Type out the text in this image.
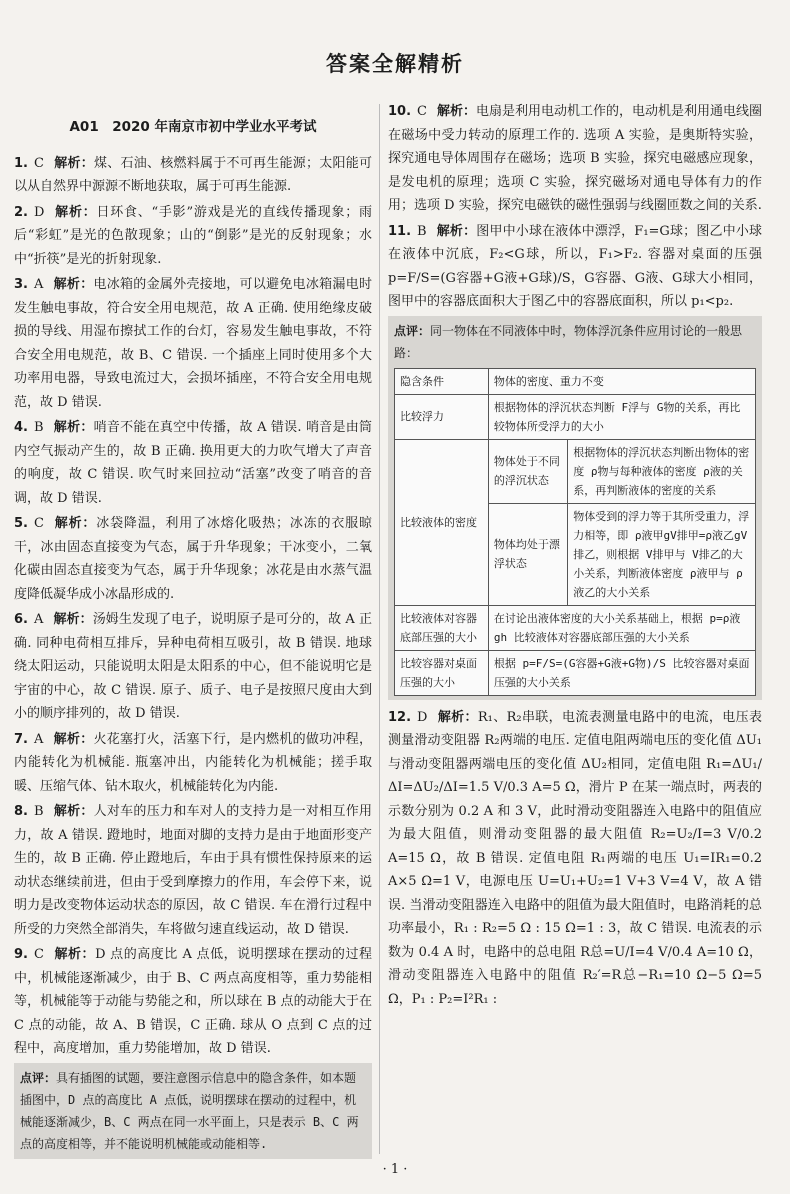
答案全解精析
A01　2020 年南京市初中学业水平考试
1. C 解析：煤、石油、核燃料属于不可再生能源；太阳能可以从自然界中源源不断地获取，属于可再生能源.
2. D 解析：日环食、“手影”游戏是光的直线传播现象；雨后“彩虹”是光的色散现象；山的“倒影”是光的反射现象；水中“折筷”是光的折射现象.
3. A 解析：电冰箱的金属外壳接地，可以避免电冰箱漏电时发生触电事故，符合安全用电规范，故 A 正确. 使用绝缘皮破损的导线、用湿布擦拭工作的台灯，容易发生触电事故，不符合安全用电规范，故 B、C 错误. 一个插座上同时使用多个大功率用电器，导致电流过大，会损坏插座，不符合安全用电规范，故 D 错误.
4. B 解析：哨音不能在真空中传播，故 A 错误. 哨音是由筒内空气振动产生的，故 B 正确. 换用更大的力吹气增大了声音的响度，故 C 错误. 吹气时来回拉动“活塞”改变了哨音的音调，故 D 错误.
5. C 解析：冰袋降温，利用了冰熔化吸热；冰冻的衣服晾干，冰由固态直接变为气态，属于升华现象；干冰变小，二氧化碳由固态直接变为气态，属于升华现象；冰花是由水蒸气温度降低凝华成小冰晶形成的.
6. A 解析：汤姆生发现了电子，说明原子是可分的，故 A 正确. 同种电荷相互排斥，异种电荷相互吸引，故 B 错误. 地球绕太阳运动，只能说明太阳是太阳系的中心，但不能说明它是宇宙的中心，故 C 错误. 原子、质子、电子是按照尺度由大到小的顺序排列的，故 D 错误.
7. A 解析：火花塞打火，活塞下行，是内燃机的做功冲程，内能转化为机械能. 瓶塞冲出，内能转化为机械能；搓手取暖、压缩气体、钻木取火，机械能转化为内能.
8. B 解析：人对车的压力和车对人的支持力是一对相互作用力，故 A 错误. 蹬地时，地面对脚的支持力是由于地面形变产生的，故 B 正确. 停止蹬地后，车由于具有惯性保持原来的运动状态继续前进，但由于受到摩擦力的作用，车会停下来，说明力是改变物体运动状态的原因，故 C 错误. 车在滑行过程中所受的力突然全部消失，车将做匀速直线运动，故 D 错误.
9. C 解析：D 点的高度比 A 点低，说明摆球在摆动的过程中，机械能逐渐减少，由于 B、C 两点高度相等，重力势能相等，机械能等于动能与势能之和，所以球在 B 点的动能大于在 C 点的动能，故 A、B 错误，C 正确. 球从 O 点到 C 点的过程中，高度增加，重力势能增加，故 D 错误.
点评：具有插图的试题，要注意图示信息中的隐含条件，如本题插图中，D 点的高度比 A 点低，说明摆球在摆动的过程中，机械能逐渐减少，B、C 两点在同一水平面上，只是表示 B、C 两点的高度相等，并不能说明机械能或动能相等.
10. C 解析：电扇是利用电动机工作的，电动机是利用通电线圈在磁场中受力转动的原理工作的. 选项 A 实验，是奥斯特实验，探究通电导体周围存在磁场；选项 B 实验，探究电磁感应现象，是发电机的原理；选项 C 实验，探究磁场对通电导体有力的作用；选项 D 实验，探究电磁铁的磁性强弱与线圈匝数之间的关系.
11. B 解析：图甲中小球在液体中漂浮，F₁=G球；图乙中小球在液体中沉底，F₂<G球，所以，F₁>F₂. 容器对桌面的压强 p=F/S=(G容器+G液+G球)/S，G容器、G液、G球大小相同，图甲中的容器底面积大于图乙中的容器底面积，所以 p₁<p₂.
点评：同一物体在不同液体中时，物体浮沉条件应用讨论的一般思路：
隐含条件	物体的密度、重力不变	
比较浮力	根据物体的浮沉状态判断 F浮与 G物的关系，再比较物体所受浮力的大小	
比较液体的密度	物体处于不同的浮沉状态	根据物体的浮沉状态判断出物体的密度 ρ物与每种液体的密度 ρ液的关系，再判断液体的密度的关系
	物体均处于漂浮状态	物体受到的浮力等于其所受重力，浮力相等，即 ρ液甲gV排甲=ρ液乙gV排乙，则根据 V排甲与 V排乙的大小关系，判断液体密度 ρ液甲与 ρ液乙的大小关系
比较液体对容器底部压强的大小	在讨论出液体密度的大小关系基础上，根据 p=ρ液gh 比较液体对容器底部压强的大小关系	
比较容器对桌面压强的大小	根据 p=F/S=(G容器+G液+G物)/S 比较容器对桌面压强的大小关系	
12. D 解析：R₁、R₂串联，电流表测量电路中的电流，电压表测量滑动变阻器 R₂两端的电压. 定值电阻两端电压的变化值 ΔU₁与滑动变阻器两端电压的变化值 ΔU₂相同，定值电阻 R₁=ΔU₁/ΔI=ΔU₂/ΔI=1.5 V/0.3 A=5 Ω，滑片 P 在某一端点时，两表的示数分别为 0.2 A 和 3 V，此时滑动变阻器连入电路中的阻值应为最大阻值，则滑动变阻器的最大阻值 R₂=U₂/I=3 V/0.2 A=15 Ω，故 B 错误. 定值电阻 R₁两端的电压 U₁=IR₁=0.2 A×5 Ω=1 V，电源电压 U=U₁+U₂=1 V+3 V=4 V，故 A 错误. 当滑动变阻器连入电路中的阻值为最大阻值时，电路消耗的总功率最小，R₁ : R₂=5 Ω : 15 Ω=1 : 3，故 C 错误. 电流表的示数为 0.4 A 时，电路中的总电阻 R总=U/I=4 V/0.4 A=10 Ω，滑动变阻器连入电路中的阻值 R₂′=R总−R₁=10 Ω−5 Ω=5 Ω，P₁ : P₂=I²R₁ :
· 1 ·
